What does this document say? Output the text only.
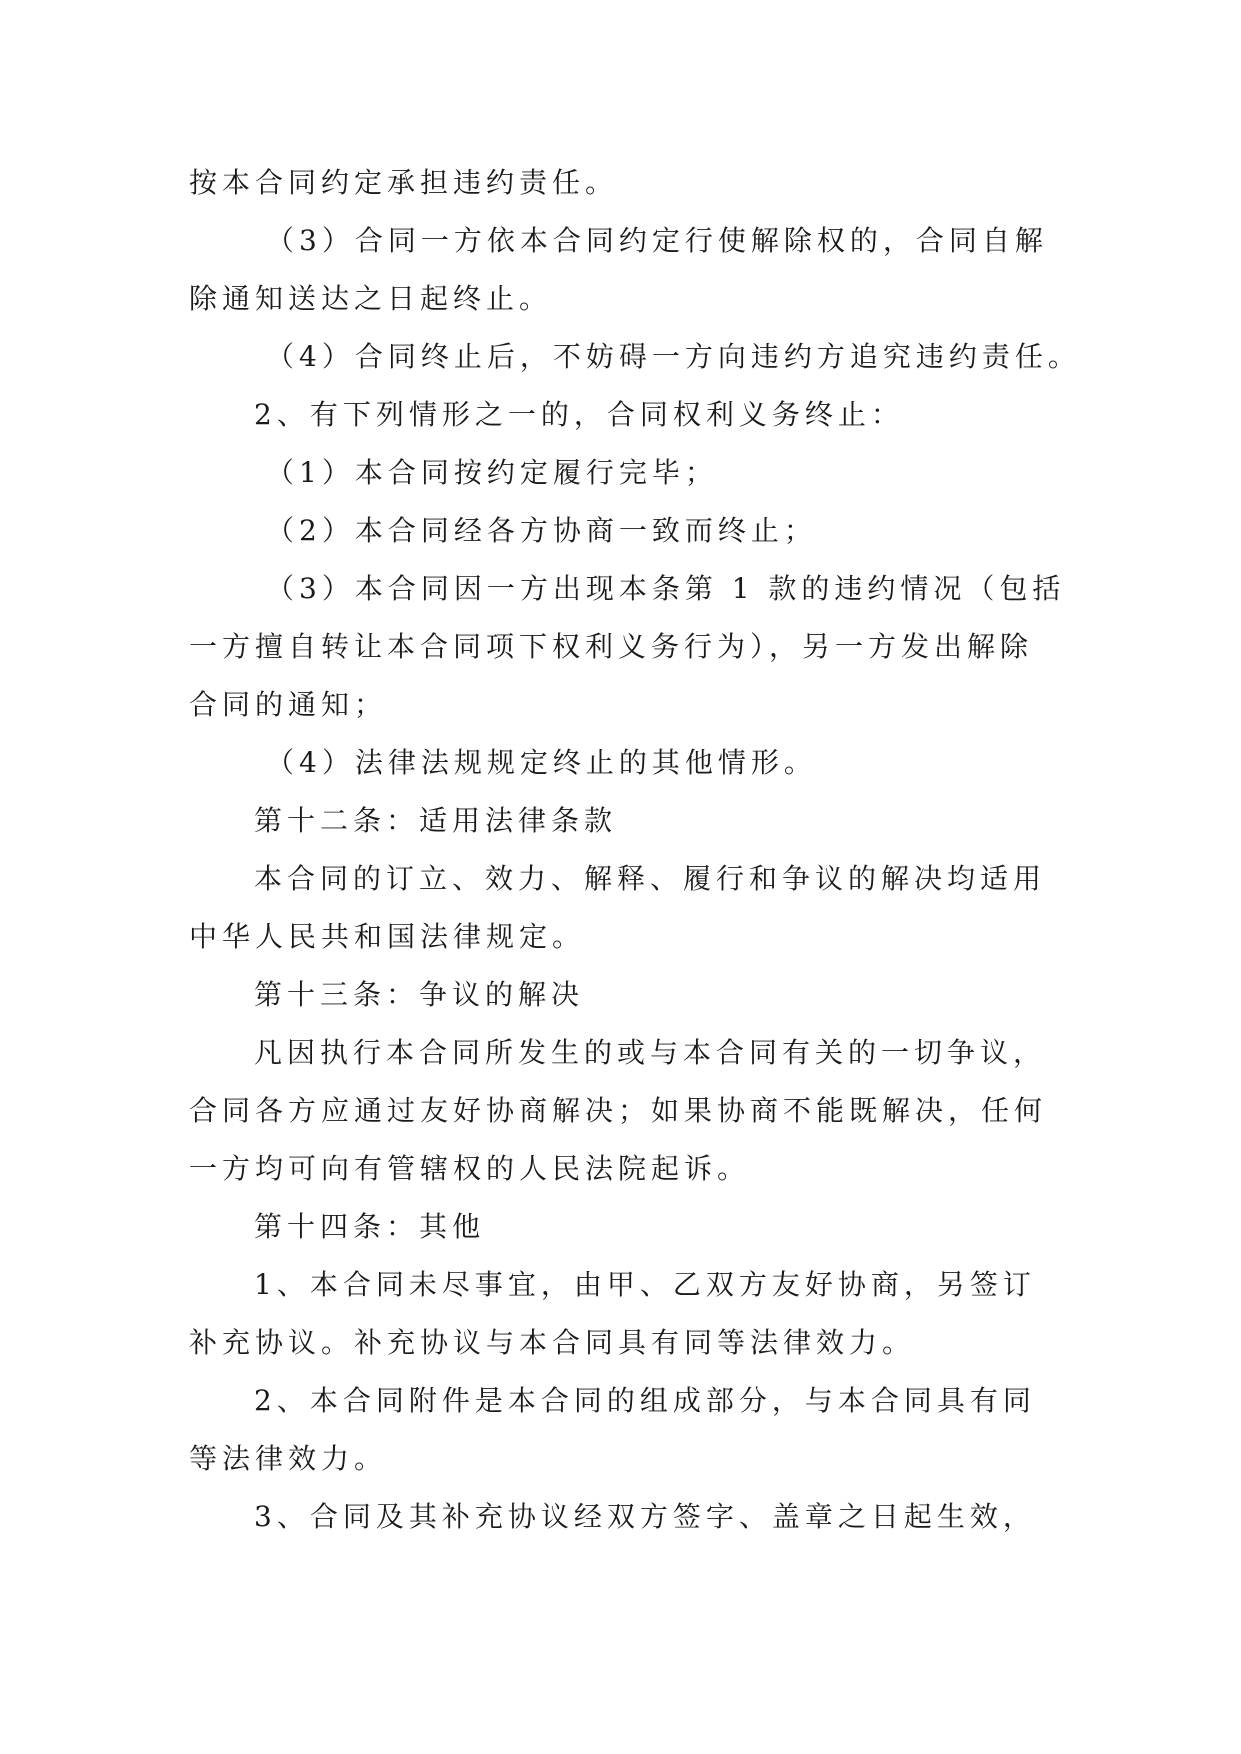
按本合同约定承担违约责任。
（3）合同一方依本合同约定行使解除权的，合同自解
除通知送达之日起终止。
（4）合同终止后，不妨碍一方向违约方追究违约责任。
2、有下列情形之一的，合同权利义务终止：
（1）本合同按约定履行完毕；
（2）本合同经各方协商一致而终止；
（3）本合同因一方出现本条第 1 款的违约情况（包括
一方擅自转让本合同项下权利义务行为），另一方发出解除
合同的通知；
（4）法律法规规定终止的其他情形。
第十二条：适用法律条款
本合同的订立、效力、解释、履行和争议的解决均适用
中华人民共和国法律规定。
第十三条：争议的解决
凡因执行本合同所发生的或与本合同有关的一切争议，
合同各方应通过友好协商解决；如果协商不能既解决，任何
一方均可向有管辖权的人民法院起诉。
第十四条：其他
1、本合同未尽事宜，由甲、乙双方友好协商，另签订
补充协议。补充协议与本合同具有同等法律效力。
2、本合同附件是本合同的组成部分，与本合同具有同
等法律效力。
3、合同及其补充协议经双方签字、盖章之日起生效，
